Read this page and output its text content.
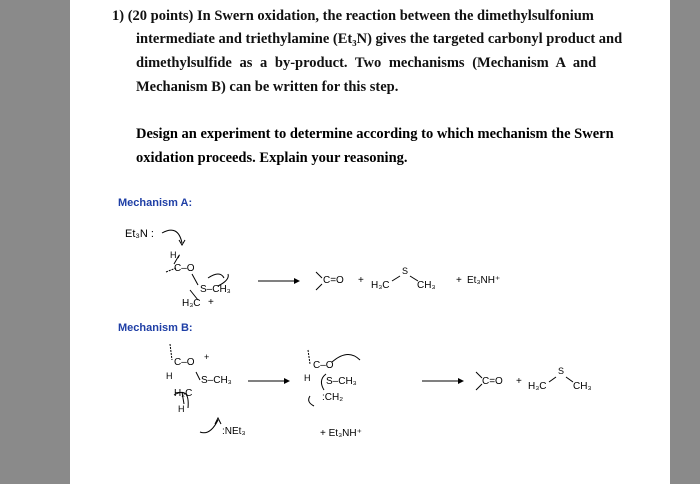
1) (20 points) In Swern oxidation, the reaction between the dimethylsulfonium
intermediate and triethylamine (Et₃N) gives the targeted carbonyl product and
dimethylsulfide as a by-product. Two mechanisms (Mechanism A and
Mechanism B) can be written for this step.
Design an experiment to determine according to which mechanism the Swern
oxidation proceeds. Explain your reasoning.
Mechanism A:
Et₃N :
H
C–O
S–CH₃
H₃C +
C=O + H₃C
S
CH₃ + Et₃NH⁺
Mechanism B:
C–O +
H	S–CH₃
H₂C
H
:NEt₃
C–O
H S–CH₃
:CH₂
+ Et₃NH⁺
C=O + H₃C
S
CH₃
